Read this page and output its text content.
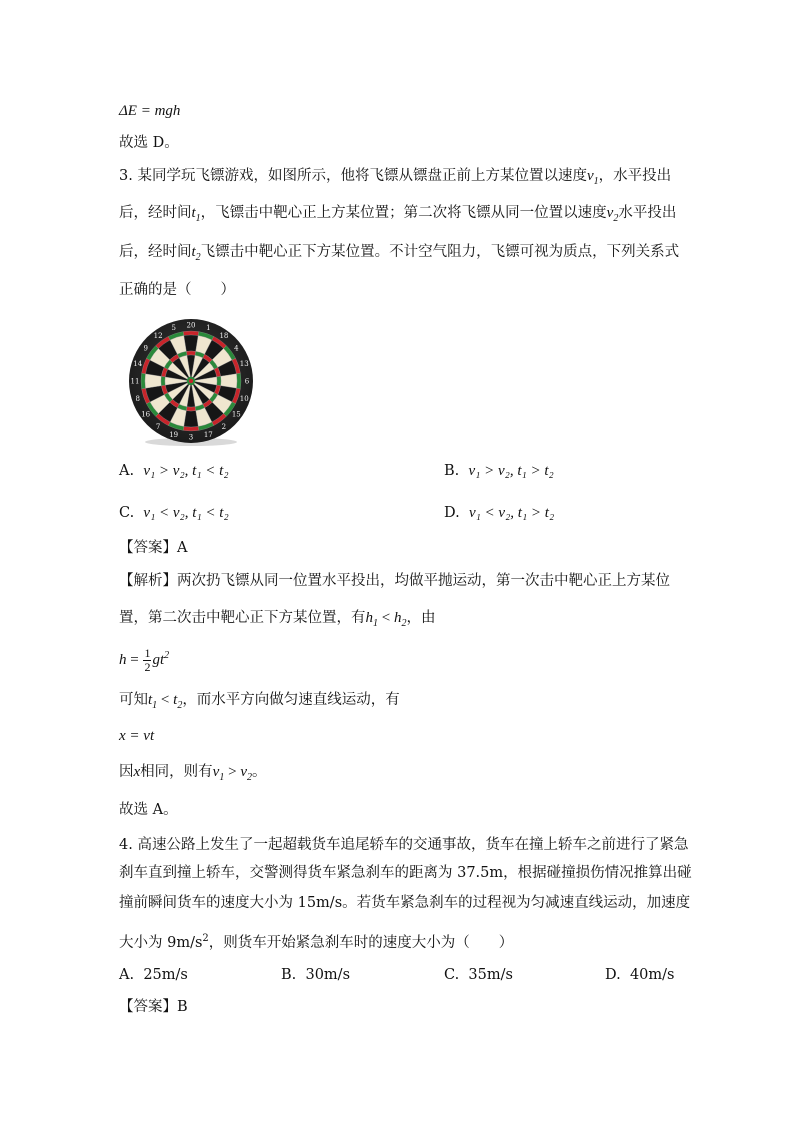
ΔE = mgh
故选 D。
3. 某同学玩飞镖游戏，如图所示，他将飞镖从镖盘正前上方某位置以速度$v_1$，水平投出
后，经时间$t_1$，飞镖击中靶心正上方某位置；第二次将飞镖从同一位置以速度$v_2$水平投出
后，经时间$t_2$飞镖击中靶心正下方某位置。不计空气阻力，飞镖可视为质点，下列关系式
正确的是（　　）
20 1
18
4
13
6
10
15
2
17
3
19
7
16
8
11
14
9
12
5
A. v₁ > v₂, t₁ < t₂	B. v₁ > v₂, t₁ > t₂
C. v₁ < v₂, t₁ < t₂	D. v₁ < v₂, t₁ > t₂
【答案】A
【解析】两次扔飞镖从同一位置水平投出，均做平抛运动，第一次击中靶心正上方某位
置，第二次击中靶心正下方某位置，有$h_1 < h_2$，由
$h = \frac{1}{2} gt^2$
可知$t_1 < t_2$，而水平方向做匀速直线运动，有
x = vt
因x相同，则有$v_1 > v_2$。
故选 A。
4. 高速公路上发生了一起超载货车追尾轿车的交通事故，货车在撞上轿车之前进行了紧急
刹车直到撞上轿车，交警测得货车紧急刹车的距离为 37.5m，根据碰撞损伤情况推算出碰
撞前瞬间货车的速度大小为 15m/s。若货车紧急刹车的过程视为匀减速直线运动，加速度
大小为 $9m/s^2$，则货车开始紧急刹车时的速度大小为（　　）
A. 25m/s	B. 30m/s	C. 35m/s	D. 40m/s
【答案】B
